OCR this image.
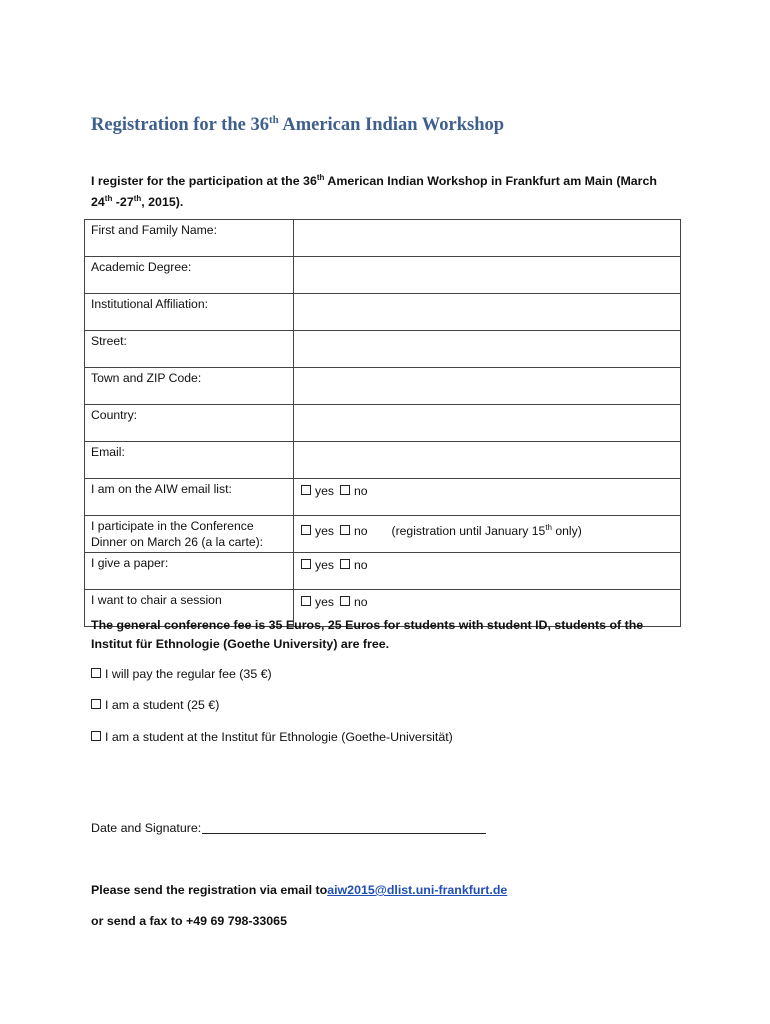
Registration for the 36th American Indian Workshop
I register for the participation at the 36th American Indian Workshop in Frankfurt am Main (March 24th -27th, 2015).
First and Family Name:	
Academic Degree:	
Institutional Affiliation:	
Street:	
Town and ZIP Code:	
Country:	
Email:	
I am on the AIW email list:	yes no
I participate in the Conference Dinner on March 26 (a la carte):	yes no (registration until January 15th only)
I give a paper:	yes no
I want to chair a session	yes no
The general conference fee is 35 Euros, 25 Euros for students with student ID, students of the Institut für Ethnologie (Goethe University) are free.
I will pay the regular fee (35 €)
I am a student (25 €)
I am a student at the Institut für Ethnologie (Goethe-Universität)
Date and Signature:
Please send the registration via email toaiw2015@dlist.uni-frankfurt.de
or send a fax to +49 69 798-33065
